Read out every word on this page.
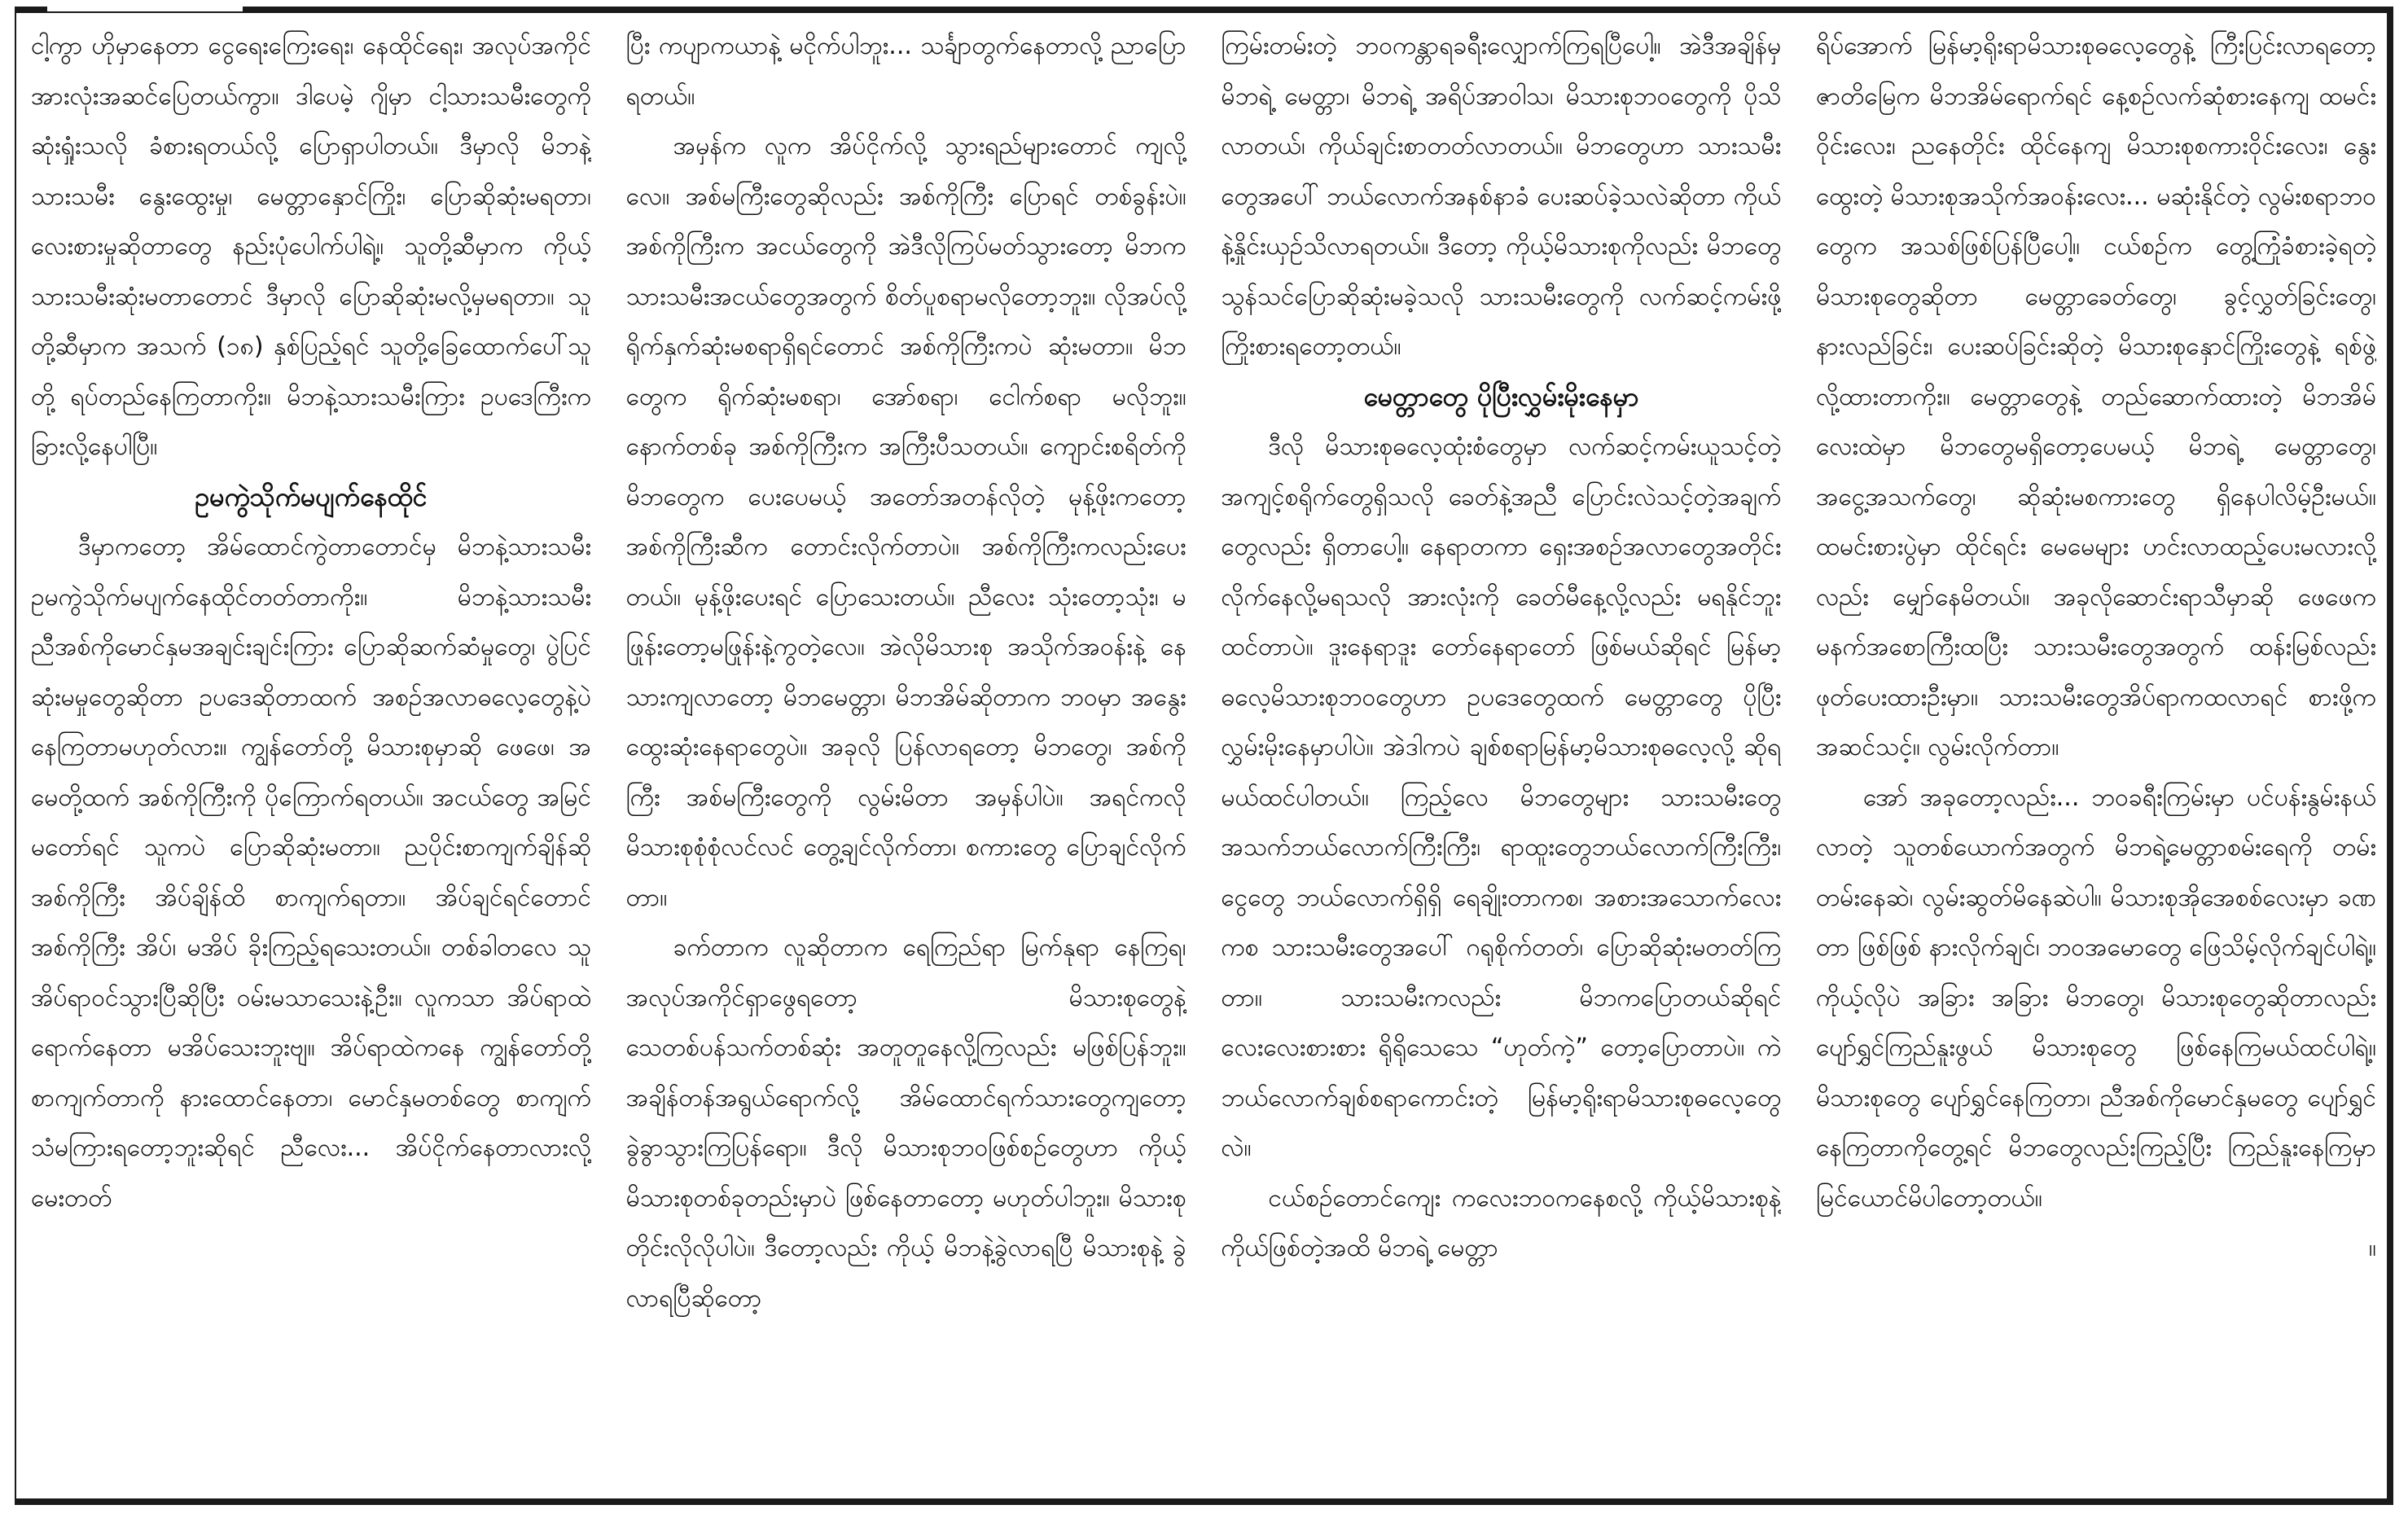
ငါ့ကွာ ဟိုမှာနေတာ ငွေရေးကြေးရေး၊ နေထိုင်ရေး၊ အလုပ်အကိုင် အားလုံးအဆင်ပြေတယ်ကွာ။ ဒါပေမဲ့ ဂျိမှာ ငါ့သားသမီးတွေကို ဆုံးရှုံးသလို ခံစားရတယ်လို့ ပြောရှာပါတယ်။ ဒီမှာလို မိဘနဲ့ သားသမီး နွေးထွေးမှု၊ မေတ္တာနှောင်ကြိုး၊ ပြောဆိုဆုံးမရတာ၊ လေးစားမှုဆိုတာတွေ နည်းပုံပေါက်ပါရဲ့။ သူတို့ဆီမှာက ကိုယ့်သားသမီးဆုံးမတာတောင် ဒီမှာလို ပြောဆိုဆုံးမလို့မှမရတာ။ သူတို့ဆီမှာက အသက် (၁၈) နှစ်ပြည့်ရင် သူတို့ခြေထောက်ပေါ်သူတို့ ရပ်တည်နေကြတာကိုး။ မိဘနဲ့သားသမီးကြား ဥပဒေကြီးက ခြားလို့နေပါပြီ။

ဥမကွဲသိုက်မပျက်နေထိုင်

ဒီမှာကတော့ အိမ်ထောင်ကွဲတာတောင်မှ မိဘနဲ့သားသမီး ဥမကွဲသိုက်မပျက်နေထိုင်တတ်တာကိုး။ မိဘနဲ့သားသမီး ညီအစ်ကိုမောင်နှမအချင်းချင်းကြား ပြောဆိုဆက်ဆံမှုတွေ၊ ပွဲပြင်ဆုံးမမှုတွေဆိုတာ ဥပဒေဆိုတာထက် အစဉ်အလာဓလေ့တွေနဲ့ပဲ နေကြတာမဟုတ်လား။ ကျွန်တော်တို့ မိသားစုမှာဆို ဖေဖေ၊ အမေတို့ထက် အစ်ကိုကြီးကို ပိုကြောက်ရတယ်။ အငယ်တွေ အမြင်မတော်ရင် သူကပဲ ပြောဆိုဆုံးမတာ။ ညပိုင်းစာကျက်ချိန်ဆို အစ်ကိုကြီး အိပ်ချိန်ထိ စာကျက်ရတာ။ အိပ်ချင်ရင်တောင် အစ်ကိုကြီး အိပ်၊ မအိပ် ခိုးကြည့်ရသေးတယ်။ တစ်ခါတလေ သူအိပ်ရာဝင်သွားပြီဆိုပြီး ဝမ်းမသာသေးနဲ့ဦး။ လူကသာ အိပ်ရာထဲရောက်နေတာ မအိပ်သေးဘူးဗျ။ အိပ်ရာထဲကနေ ကျွန်တော်တို့စာကျက်တာကို နားထောင်နေတာ၊ မောင်နှမတစ်တွေ စာကျက်သံမကြားရတော့ဘူးဆိုရင် ညီလေး... အိပ်ငိုက်နေတာလားလို့ မေးတတ်

ပြီး ကပျာကယာနဲ့ မငိုက်ပါဘူး... သင်္ချာတွက်နေတာလို့ ညာပြောရတယ်။

အမှန်က လူက အိပ်ငိုက်လို့ သွားရည်များတောင် ကျလို့လေ။ အစ်မကြီးတွေဆိုလည်း အစ်ကိုကြီး ပြောရင် တစ်ခွန်းပဲ။ အစ်ကိုကြီးက အငယ်တွေကို အဲဒီလိုကြပ်မတ်သွားတော့ မိဘက သားသမီးအငယ်တွေအတွက် စိတ်ပူစရာမလိုတော့ဘူး။ လိုအပ်လို့ ရိုက်နှက်ဆုံးမစရာရှိရင်တောင် အစ်ကိုကြီးကပဲ ဆုံးမတာ။ မိဘတွေက ရိုက်ဆုံးမစရာ၊ အော်စရာ၊ ငေါက်စရာ မလိုဘူး။ နောက်တစ်ခု အစ်ကိုကြီးက အကြီးပီသတယ်။ ကျောင်းစရိတ်ကို မိဘတွေက ပေးပေမယ့် အတော်အတန်လိုတဲ့ မုန့်ဖိုးကတော့ အစ်ကိုကြီးဆီက တောင်းလိုက်တာပဲ။ အစ်ကိုကြီးကလည်းပေးတယ်။ မုန့်ဖိုးပေးရင် ပြောသေးတယ်။ ညီလေး သုံးတော့သုံး၊ မဖြုန်းတော့မဖြုန်းနဲ့ကွတဲ့လေ။ အဲလိုမိသားစု အသိုက်အဝန်းနဲ့ နေသားကျလာတော့ မိဘမေတ္တာ၊ မိဘအိမ်ဆိုတာက ဘဝမှာ အနွေးထွေးဆုံးနေရာတွေပဲ။ အခုလို ပြန်လာရတော့ မိဘတွေ၊ အစ်ကိုကြီး အစ်မကြီးတွေကို လွမ်းမိတာ အမှန်ပါပဲ။ အရင်ကလို မိသားစုစုံစုံလင်လင် တွေ့ချင်လိုက်တာ၊ စကားတွေ ပြောချင်လိုက်တာ။

ခက်တာက လူဆိုတာက ရေကြည်ရာ မြက်နုရာ နေကြရ၊ အလုပ်အကိုင်ရှာဖွေရတော့ မိသားစုတွေနဲ့ သေတစ်ပန်သက်တစ်ဆုံး အတူတူနေလို့ကြလည်း မဖြစ်ပြန်ဘူး။ အချိန်တန်အရွယ်ရောက်လို့ အိမ်ထောင်ရက်သားတွေကျတော့ ခွဲခွာသွားကြပြန်ရော။ ဒီလို မိသားစုဘဝဖြစ်စဉ်တွေဟာ ကိုယ့်မိသားစုတစ်ခုတည်းမှာပဲ ဖြစ်နေတာတော့ မဟုတ်ပါဘူး။ မိသားစုတိုင်းလိုလိုပါပဲ။ ဒီတော့လည်း ကိုယ့် မိဘနဲ့ခွဲလာရပြီ မိသားစုနဲ့ ခွဲလာရပြီဆိုတော့

ကြမ်းတမ်းတဲ့ ဘဝကန္တာရခရီးလျှောက်ကြရပြီပေါ့။ အဲဒီအချိန်မှ မိဘရဲ့ မေတ္တာ၊ မိဘရဲ့ အရိပ်အာဝါသ၊ မိသားစုဘဝတွေကို ပိုသိလာတယ်၊ ကိုယ်ချင်းစာတတ်လာတယ်။ မိဘတွေဟာ သားသမီးတွေအပေါ် ဘယ်လောက်အနစ်နာခံ ပေးဆပ်ခဲ့သလဲဆိုတာ ကိုယ်နဲ့နှိုင်းယှဉ်သိလာရတယ်။ ဒီတော့ ကိုယ့်မိသားစုကိုလည်း မိဘတွေ သွန်သင်ပြောဆိုဆုံးမခဲ့သလို သားသမီးတွေကို လက်ဆင့်ကမ်းဖို့ ကြိုးစားရတော့တယ်။

မေတ္တာတွေ ပိုပြီးလွှမ်းမိုးနေမှာ

ဒီလို မိသားစုဓလေ့ထုံးစံတွေမှာ လက်ဆင့်ကမ်းယူသင့်တဲ့ အကျင့်စရိုက်တွေရှိသလို ခေတ်နဲ့အညီ ပြောင်းလဲသင့်တဲ့အချက်တွေလည်း ရှိတာပေါ့။ နေရာတကာ ရှေးအစဉ်အလာတွေအတိုင်း လိုက်နေလို့မရသလို အားလုံးကို ခေတ်မီနေ့လို့လည်း မရနိုင်ဘူးထင်တာပဲ။ ဒူးနေရာဒူး တော်နေရာတော် ဖြစ်မယ်ဆိုရင် မြန်မာ့ဓလေ့မိသားစုဘဝတွေဟာ ဥပဒေတွေထက် မေတ္တာတွေ ပိုပြီးလွှမ်းမိုးနေမှာပါပဲ။ အဲဒါကပဲ ချစ်စရာမြန်မာ့မိသားစုဓလေ့လို့ ဆိုရမယ်ထင်ပါတယ်။ ကြည့်လေ မိဘတွေများ သားသမီးတွေ အသက်ဘယ်လောက်ကြီးကြီး၊ ရာထူးတွေဘယ်လောက်ကြီးကြီး၊ ငွေတွေ ဘယ်လောက်ရှိရှိ ရေချိုးတာကစ၊ အစားအသောက်လေးကစ သားသမီးတွေအပေါ် ဂရုစိုက်တတ်၊ ပြောဆိုဆုံးမတတ်ကြတာ။ သားသမီးကလည်း မိဘကပြောတယ်ဆိုရင် လေးလေးစားစား ရိုရိုသေသေ “ဟုတ်ကဲ့” တော့ပြောတာပဲ။ ကဲ ဘယ်လောက်ချစ်စရာကောင်းတဲ့ မြန်မာ့ရိုးရာမိသားစုဓလေ့တွေလဲ။

ငယ်စဉ်တောင်ကျေး ကလေးဘဝကနေစလို့ ကိုယ့်မိသားစုနဲ့ ကိုယ်ဖြစ်တဲ့အထိ မိဘရဲ့ မေတ္တာ

ရိပ်အောက် မြန်မာ့ရိုးရာမိသားစုဓလေ့တွေနဲ့ ကြီးပြင်းလာရတော့ ဇာတိမြေက မိဘအိမ်ရောက်ရင် နေ့စဉ်လက်ဆုံစားနေကျ ထမင်းဝိုင်းလေး၊ ညနေတိုင်း ထိုင်နေကျ မိသားစုစကားဝိုင်းလေး၊ နွေးထွေးတဲ့ မိသားစုအသိုက်အဝန်းလေး... မဆုံးနိုင်တဲ့ လွမ်းစရာဘဝတွေက အသစ်ဖြစ်ပြန်ပြီပေါ့။ ငယ်စဉ်က တွေ့ကြုံခံစားခဲ့ရတဲ့ မိသားစုတွေဆိုတာ မေတ္တာခေတ်တွေ၊ ခွင့်လွှတ်ခြင်းတွေ၊ နားလည်ခြင်း၊ ပေးဆပ်ခြင်းဆိုတဲ့ မိသားစုနှောင်ကြိုးတွေနဲ့ ရစ်ဖွဲ့လို့ထားတာကိုး။ မေတ္တာတွေနဲ့ တည်ဆောက်ထားတဲ့ မိဘအိမ်လေးထဲမှာ မိဘတွေမရှိတော့ပေမယ့် မိဘရဲ့ မေတ္တာတွေ၊ အငွေ့အသက်တွေ၊ ဆိုဆုံးမစကားတွေ ရှိနေပါလိမ့်ဦးမယ်။ ထမင်းစားပွဲမှာ ထိုင်ရင်း မေမေများ ဟင်းလာထည့်ပေးမလားလို့လည်း မျှော်နေမိတယ်။ အခုလိုဆောင်းရာသီမှာဆို ဖေဖေက မနက်အစောကြီးထပြီး သားသမီးတွေအတွက် ထန်းမြစ်လည်း ဖုတ်ပေးထားဦးမှာ။ သားသမီးတွေအိပ်ရာကထလာရင် စားဖို့ကအဆင်သင့်။ လွမ်းလိုက်တာ။

အော် အခုတော့လည်း... ဘဝခရီးကြမ်းမှာ ပင်ပန်းနွမ်းနယ်လာတဲ့ သူတစ်ယောက်အတွက် မိဘရဲ့မေတ္တာစမ်းရေကို တမ်းတမ်းနေဆဲ၊ လွမ်းဆွတ်မိနေဆဲပါ။ မိသားစုအိုအေစစ်လေးမှာ ခဏတာ ဖြစ်ဖြစ် နားလိုက်ချင်၊ ဘဝအမောတွေ ဖြေသိမ့်လိုက်ချင်ပါရဲ့။ ကိုယ့်လိုပဲ အခြား အခြား မိဘတွေ၊ မိသားစုတွေဆိုတာလည်း ပျော်ရွှင်ကြည်နူးဖွယ် မိသားစုတွေ ဖြစ်နေကြမယ်ထင်ပါရဲ့။ မိသားစုတွေ ပျော်ရွှင်နေကြတာ၊ ညီအစ်ကိုမောင်နှမတွေ ပျော်ရွှင်နေကြတာကိုတွေ့ရင် မိဘတွေလည်းကြည့်ပြီး ကြည်နူးနေကြမှာ မြင်ယောင်မိပါတော့တယ်။

။
